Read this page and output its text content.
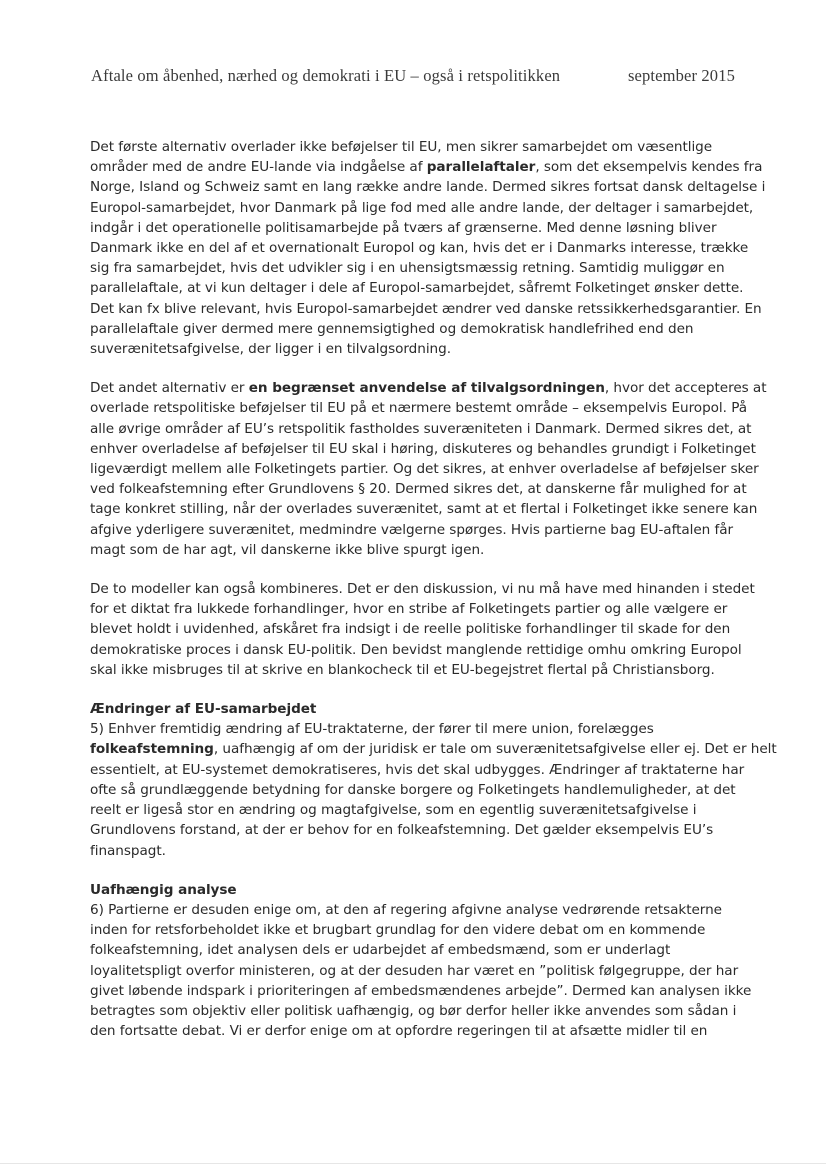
Aftale om åbenhed, nærhed og demokrati i EU – også i retspolitikken	september 2015

Det første alternativ overlader ikke beføjelser til EU, men sikrer samarbejdet om væsentlige
områder med de andre EU-lande via indgåelse af parallelaftaler, som det eksempelvis kendes fra
Norge, Island og Schweiz samt en lang række andre lande. Dermed sikres fortsat dansk deltagelse i
Europol-samarbejdet, hvor Danmark på lige fod med alle andre lande, der deltager i samarbejdet,
indgår i det operationelle politisamarbejde på tværs af grænserne. Med denne løsning bliver
Danmark ikke en del af et overnationalt Europol og kan, hvis det er i Danmarks interesse, trække
sig fra samarbejdet, hvis det udvikler sig i en uhensigtsmæssig retning. Samtidig muliggør en
parallelaftale, at vi kun deltager i dele af Europol-samarbejdet, såfremt Folketinget ønsker dette.
Det kan fx blive relevant, hvis Europol-samarbejdet ændrer ved danske retssikkerhedsgarantier. En
parallelaftale giver dermed mere gennemsigtighed og demokratisk handlefrihed end den
suverænitetsafgivelse, der ligger i en tilvalgsordning.

Det andet alternativ er en begrænset anvendelse af tilvalgsordningen, hvor det accepteres at
overlade retspolitiske beføjelser til EU på et nærmere bestemt område – eksempelvis Europol. På
alle øvrige områder af EU’s retspolitik fastholdes suveræniteten i Danmark. Dermed sikres det, at
enhver overladelse af beføjelser til EU skal i høring, diskuteres og behandles grundigt i Folketinget
ligeværdigt mellem alle Folketingets partier. Og det sikres, at enhver overladelse af beføjelser sker
ved folkeafstemning efter Grundlovens § 20. Dermed sikres det, at danskerne får mulighed for at
tage konkret stilling, når der overlades suverænitet, samt at et flertal i Folketinget ikke senere kan
afgive yderligere suverænitet, medmindre vælgerne spørges. Hvis partierne bag EU-aftalen får
magt som de har agt, vil danskerne ikke blive spurgt igen.

De to modeller kan også kombineres. Det er den diskussion, vi nu må have med hinanden i stedet
for et diktat fra lukkede forhandlinger, hvor en stribe af Folketingets partier og alle vælgere er
blevet holdt i uvidenhed, afskåret fra indsigt i de reelle politiske forhandlinger til skade for den
demokratiske proces i dansk EU-politik. Den bevidst manglende rettidige omhu omkring Europol
skal ikke misbruges til at skrive en blankocheck til et EU-begejstret flertal på Christiansborg.

Ændringer af EU-samarbejdet

5) Enhver fremtidig ændring af EU-traktaterne, der fører til mere union, forelægges
folkeafstemning, uafhængig af om der juridisk er tale om suverænitetsafgivelse eller ej. Det er helt
essentielt, at EU-systemet demokratiseres, hvis det skal udbygges. Ændringer af traktaterne har
ofte så grundlæggende betydning for danske borgere og Folketingets handlemuligheder, at det
reelt er ligeså stor en ændring og magtafgivelse, som en egentlig suverænitetsafgivelse i
Grundlovens forstand, at der er behov for en folkeafstemning. Det gælder eksempelvis EU’s
finanspagt.

Uafhængig analyse

6) Partierne er desuden enige om, at den af regering afgivne analyse vedrørende retsakterne
inden for retsforbeholdet ikke et brugbart grundlag for den videre debat om en kommende
folkeafstemning, idet analysen dels er udarbejdet af embedsmænd, som er underlagt
loyalitetspligt overfor ministeren, og at der desuden har været en ”politisk følgegruppe, der har
givet løbende indspark i prioriteringen af embedsmændenes arbejde”. Dermed kan analysen ikke
betragtes som objektiv eller politisk uafhængig, og bør derfor heller ikke anvendes som sådan i
den fortsatte debat. Vi er derfor enige om at opfordre regeringen til at afsætte midler til en
